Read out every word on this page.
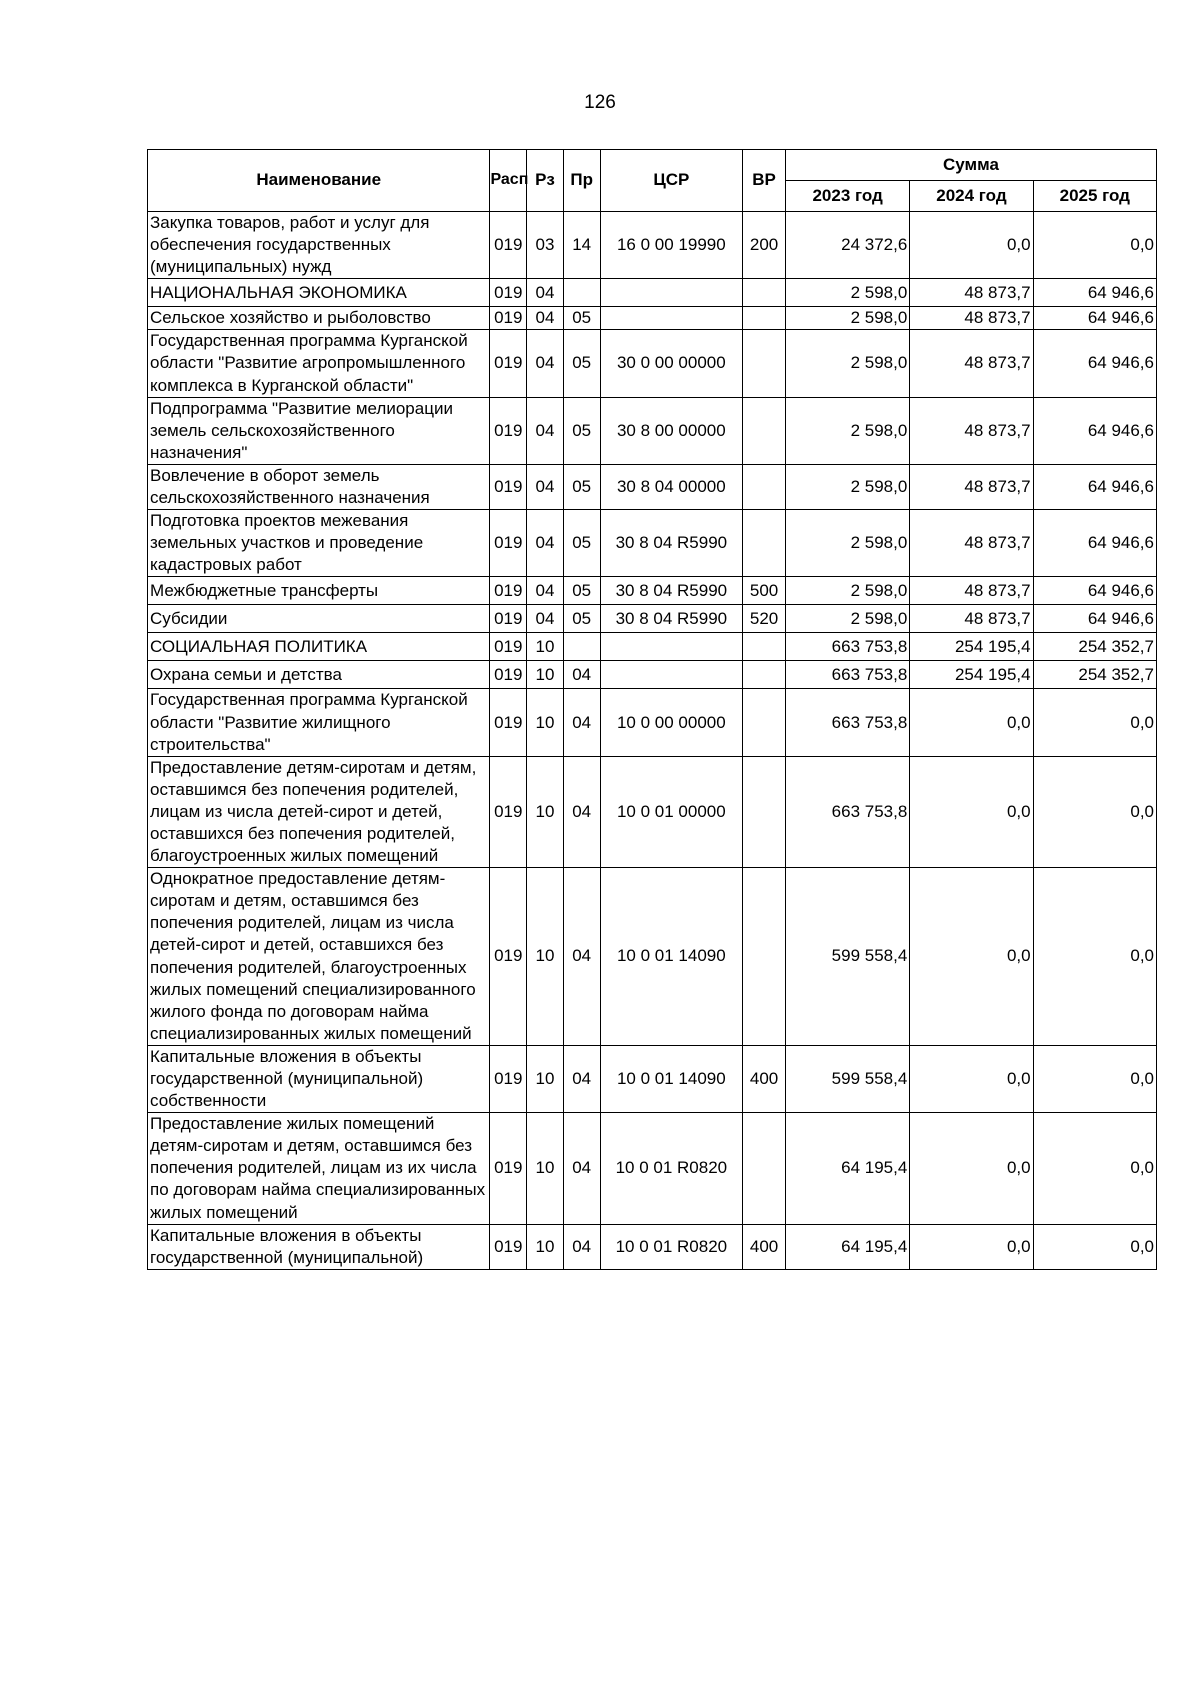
126
Наименование	Расп	Рз	Пр	ЦСР	ВР	Сумма		
						2023 год	2024 год	2025 год
Закупка товаров, работ и услуг для обеспечения государственных (муниципальных) нужд	019	03	14	16 0 00 19990	200	24 372,6	0,0	0,0
НАЦИОНАЛЬНАЯ ЭКОНОМИКА	019	04				2 598,0	48 873,7	64 946,6
Сельское хозяйство и рыболовство	019	04	05			2 598,0	48 873,7	64 946,6
Государственная программа Курганской области "Развитие агропромышленного комплекса в Курганской области"	019	04	05	30 0 00 00000		2 598,0	48 873,7	64 946,6
Подпрограмма "Развитие мелиорации земель сельскохозяйственного назначения"	019	04	05	30 8 00 00000		2 598,0	48 873,7	64 946,6
Вовлечение в оборот земель сельскохозяйственного назначения	019	04	05	30 8 04 00000		2 598,0	48 873,7	64 946,6
Подготовка проектов межевания земельных участков и проведение кадастровых работ	019	04	05	30 8 04 R5990		2 598,0	48 873,7	64 946,6
Межбюджетные трансферты	019	04	05	30 8 04 R5990	500	2 598,0	48 873,7	64 946,6
Субсидии	019	04	05	30 8 04 R5990	520	2 598,0	48 873,7	64 946,6
СОЦИАЛЬНАЯ ПОЛИТИКА	019	10				663 753,8	254 195,4	254 352,7
Охрана семьи и детства	019	10	04			663 753,8	254 195,4	254 352,7
Государственная программа Курганской области "Развитие жилищного строительства"	019	10	04	10 0 00 00000		663 753,8	0,0	0,0
Предоставление детям-сиротам и детям, оставшимся без попечения родителей, лицам из числа детей-сирот и детей, оставшихся без попечения родителей, благоустроенных жилых помещений	019	10	04	10 0 01 00000		663 753,8	0,0	0,0
Однократное предоставление детям-сиротам и детям, оставшимся без попечения родителей, лицам из числа детей-сирот и детей, оставшихся без попечения родителей, благоустроенных жилых помещений специализированного жилого фонда по договорам найма специализированных жилых помещений	019	10	04	10 0 01 14090		599 558,4	0,0	0,0
Капитальные вложения в объекты государственной (муниципальной) собственности	019	10	04	10 0 01 14090	400	599 558,4	0,0	0,0
Предоставление жилых помещений детям-сиротам и детям, оставшимся без попечения родителей, лицам из их числа по договорам найма специализированных жилых помещений	019	10	04	10 0 01 R0820		64 195,4	0,0	0,0
Капитальные вложения в объекты государственной (муниципальной)	019	10	04	10 0 01 R0820	400	64 195,4	0,0	0,0
